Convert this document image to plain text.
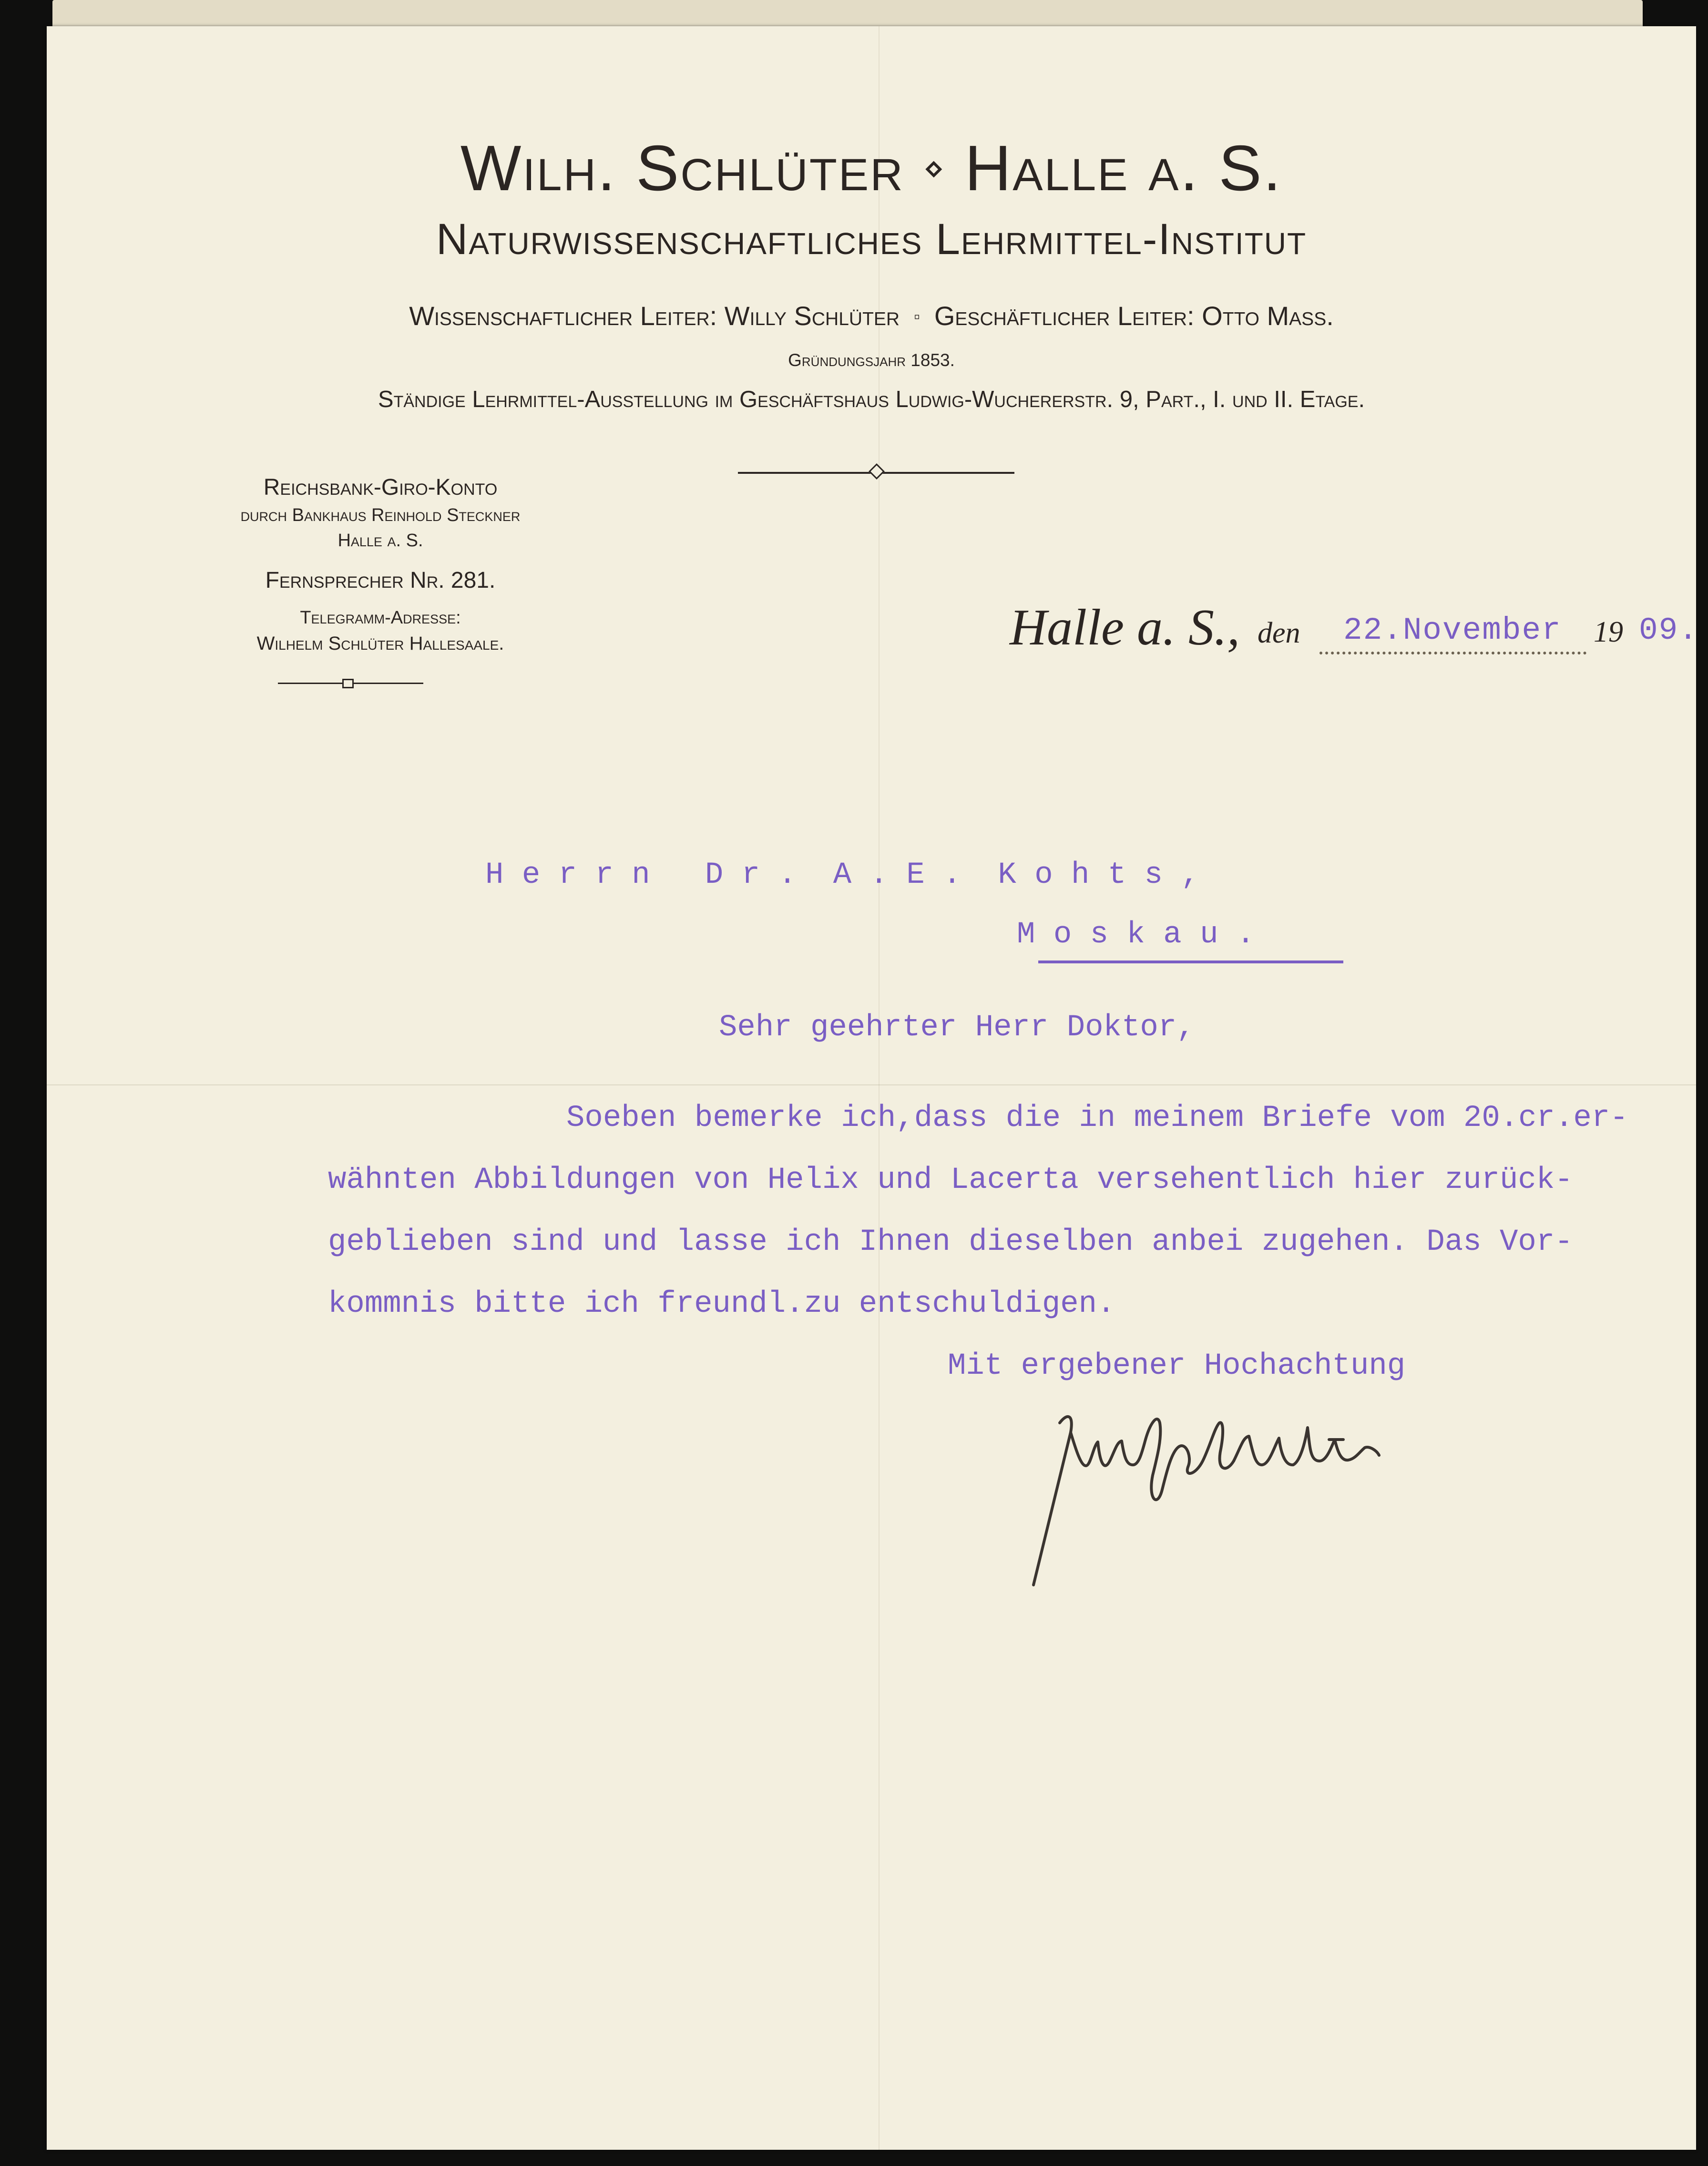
Wilh. Schlüter ⋄ Halle a. S.
Naturwissenschaftliches Lehrmittel-Institut
Wissenschaftlicher Leiter: Willy Schlüter ▫ Geschäftlicher Leiter: Otto Mass.
Gründungsjahr 1853.
Ständige Lehrmittel-Ausstellung im Geschäftshaus Ludwig-Wuchererstr. 9, Part., I. und II. Etage.
Reichsbank-Giro-Konto
durch Bankhaus Reinhold Steckner
Halle a. S.
Fernsprecher Nr. 281.
Telegramm-Adresse:
Wilhelm Schlüter Hallesaale.	Halle a. S., den 22.November 19 09.
H e r r n   D r .  A . E .  K o h t s ,
M o s k a u .
Sehr geehrter Herr Doktor,
Soeben bemerke ich,dass die in meinem Briefe vom 20.cr.er-
wähnten Abbildungen von Helix und Lacerta versehentlich hier zurück-
geblieben sind und lasse ich Ihnen dieselben anbei zugehen. Das Vor-
kommnis bitte ich freundl.zu entschuldigen.
Mit ergebener Hochachtung
